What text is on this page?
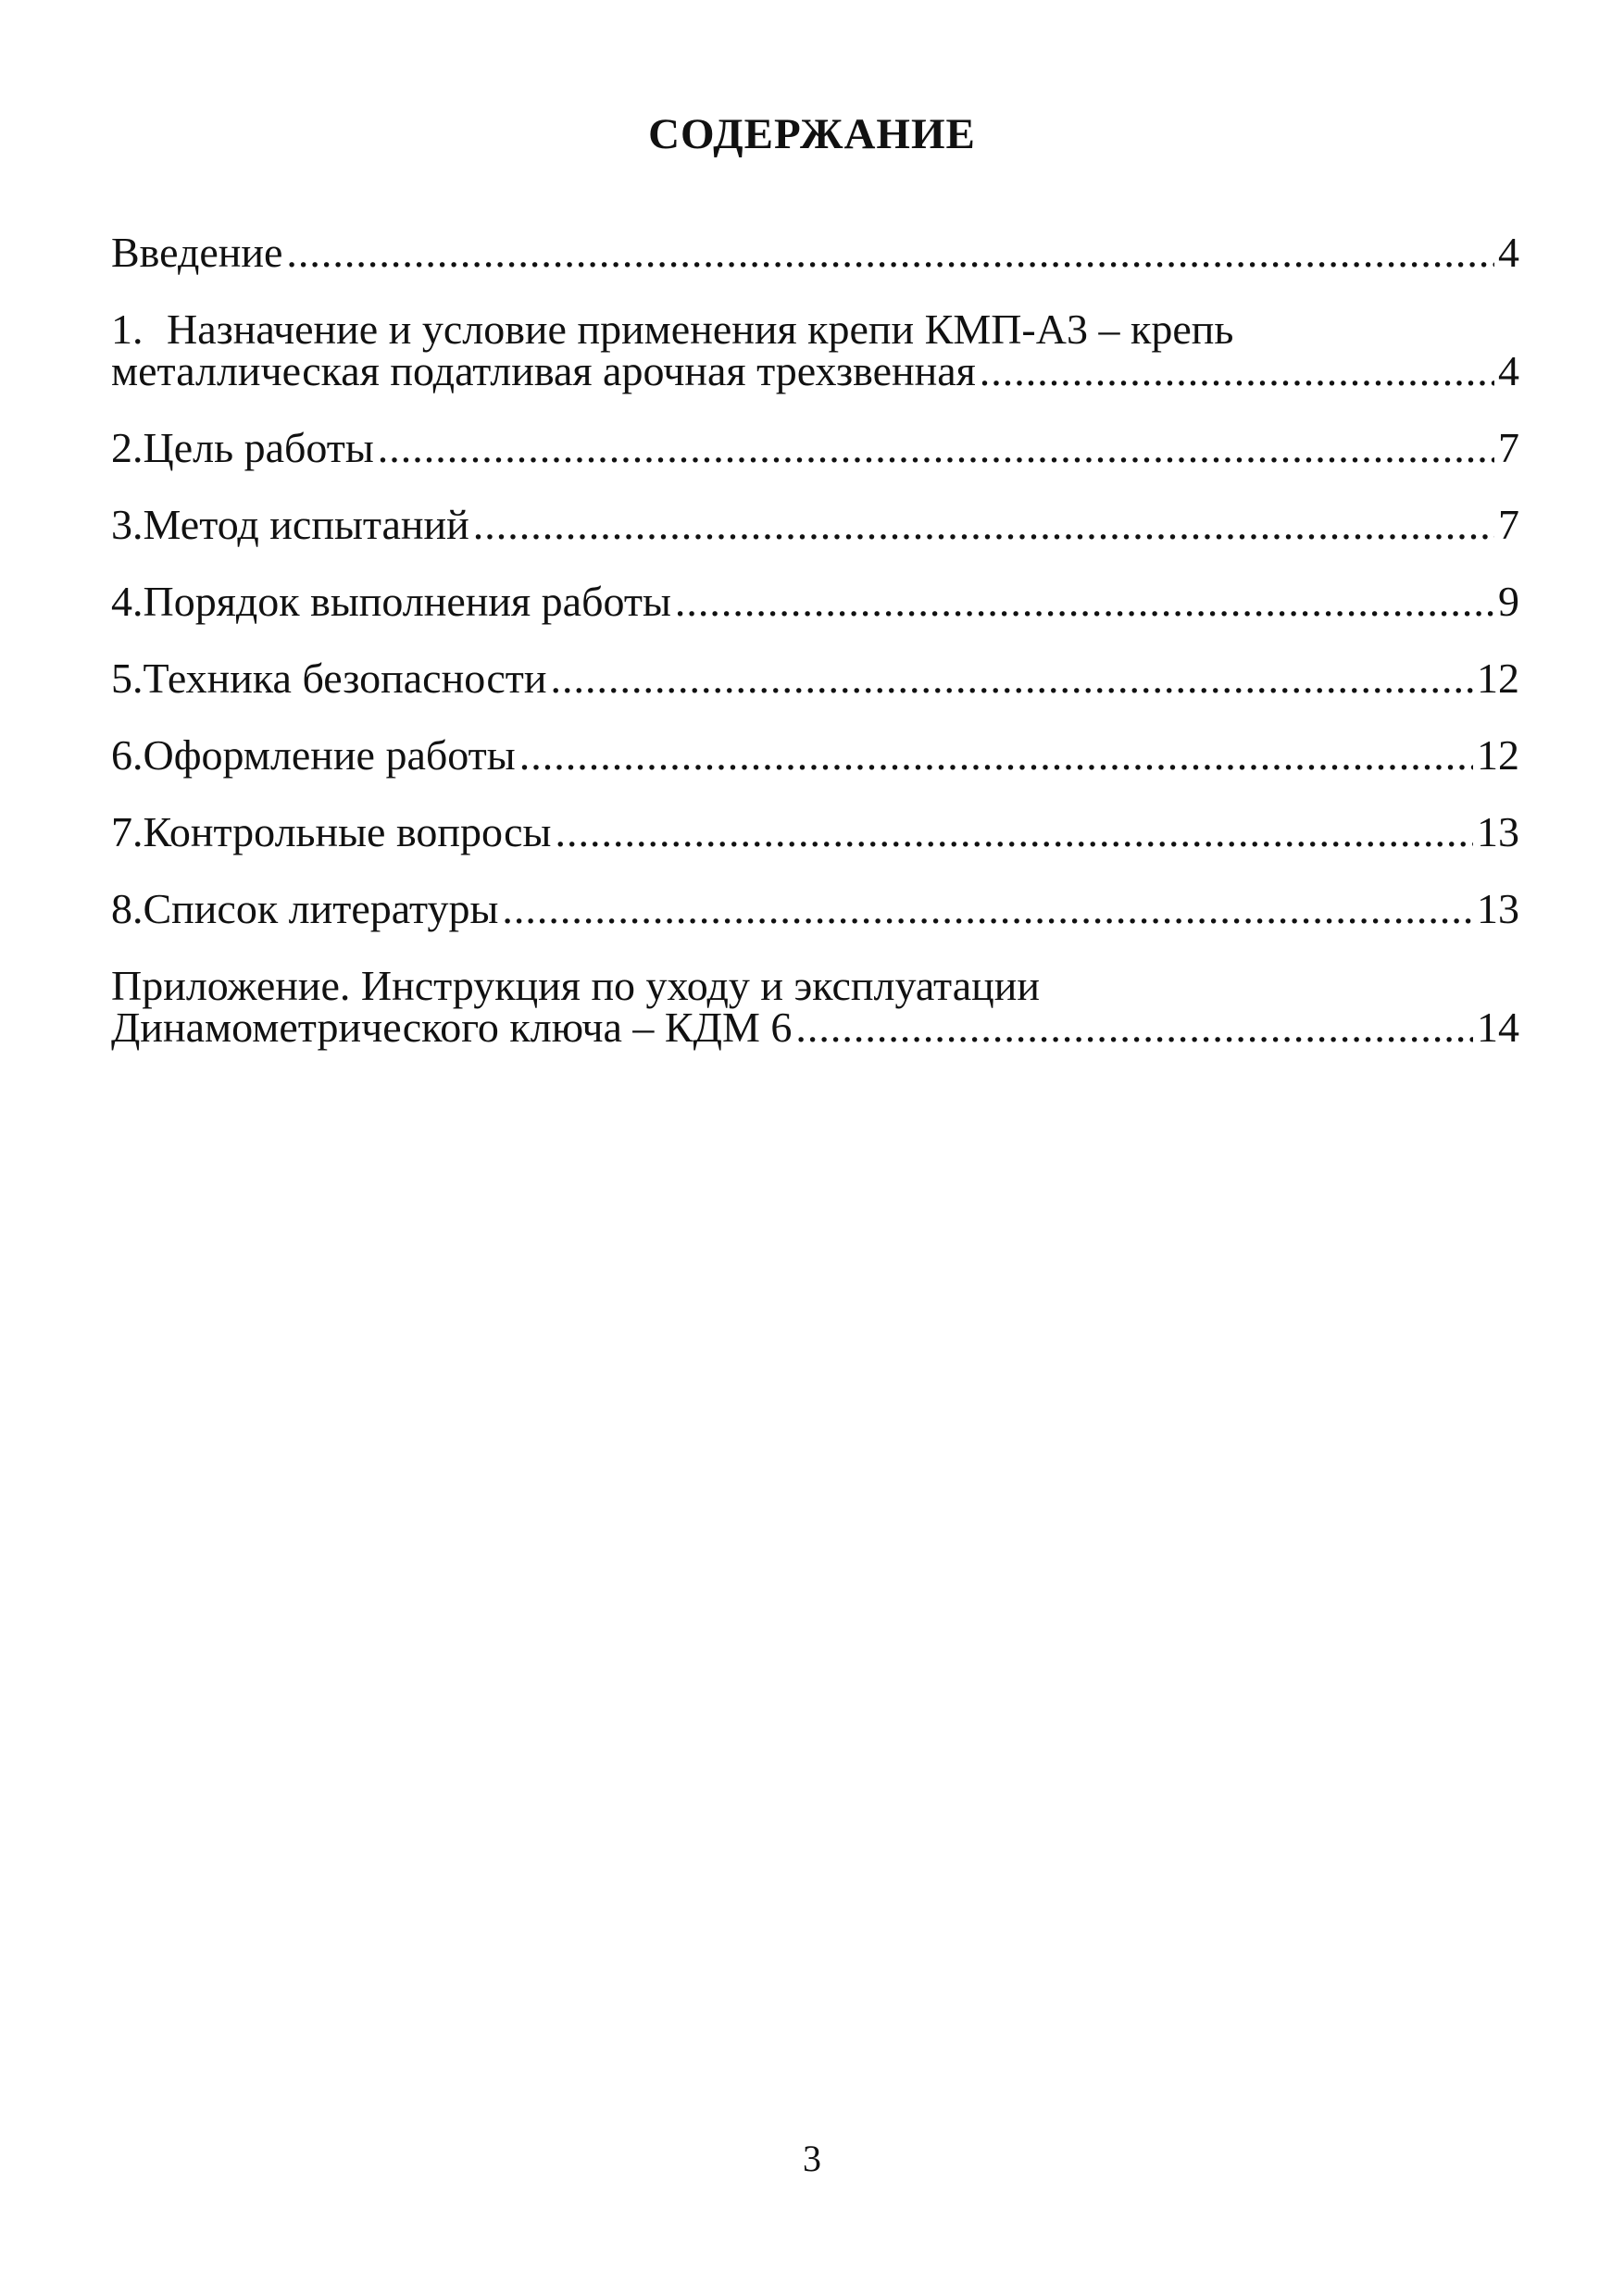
СОДЕРЖАНИЕ
Введение .....	4
1. Назначение и условие применения крепи КМП-А3 – крепь
металлическая податливая арочная трехзвенная .....	4
2. Цель работы .....	7
3. Метод испытаний .....	7
4. Порядок выполнения работы .....	9
5. Техника безопасности .....	12
6. Оформление работы .....	12
7. Контрольные вопросы .....	13
8. Список литературы .....	13
Приложение. Инструкция по уходу и эксплуатации
Динамометрического ключа – КДМ 6 .....	14
3
